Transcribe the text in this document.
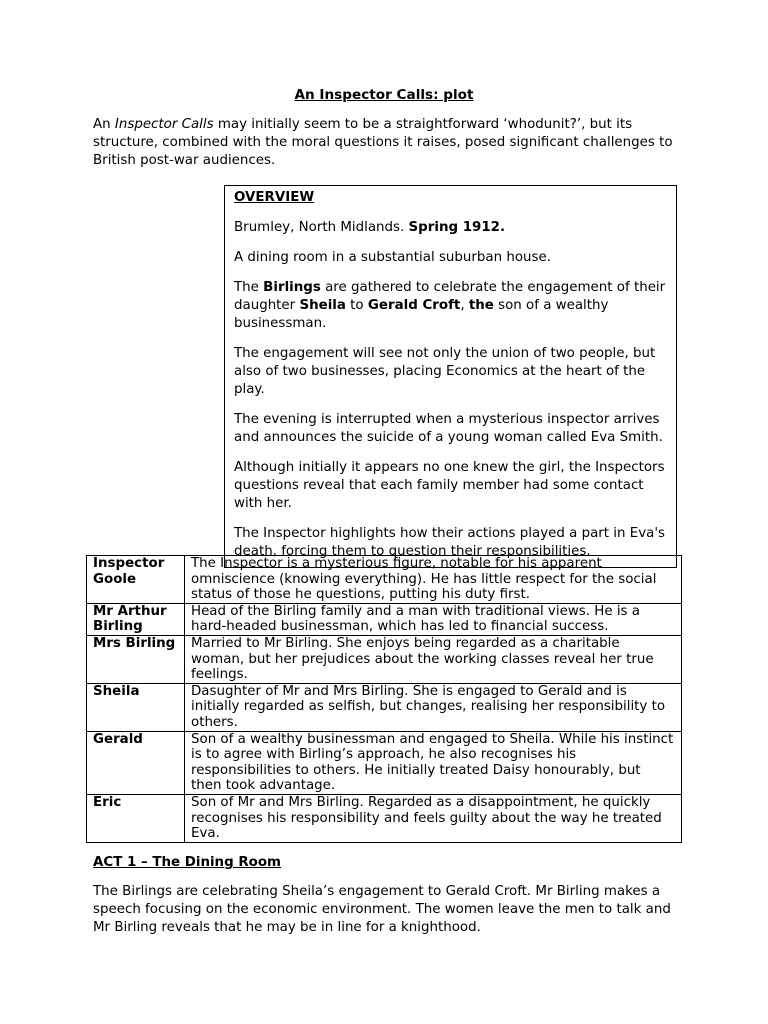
An Inspector Calls: plot

An Inspector Calls may initially seem to be a straightforward ‘whodunit?’, but its structure, combined with the moral questions it raises, posed significant challenges to British post-war audiences.

OVERVIEW

Brumley, North Midlands. Spring 1912.

A dining room in a substantial suburban house.

The Birlings are gathered to celebrate the engagement of their daughter Sheila to Gerald Croft, the son of a wealthy businessman.

The engagement will see not only the union of two people, but also of two businesses, placing Economics at the heart of the play.

The evening is interrupted when a mysterious inspector arrives and announces the suicide of a young woman called Eva Smith.

Although initially it appears no one knew the girl, the Inspectors questions reveal that each family member had some contact with her.

The Inspector highlights how their actions played a part in Eva's death, forcing them to question their responsibilities.

Inspector Goole	The Inspector is a mysterious figure, notable for his apparent omniscience (knowing everything). He has little respect for the social status of those he questions, putting his duty first.
Mr Arthur Birling	Head of the Birling family and a man with traditional views. He is a hard-headed businessman, which has led to financial success.
Mrs Birling	Married to Mr Birling. She enjoys being regarded as a charitable woman, but her prejudices about the working classes reveal her true feelings.
Sheila	Dasughter of Mr and Mrs Birling. She is engaged to Gerald and is initially regarded as selfish, but changes, realising her responsibility to others.
Gerald	Son of a wealthy businessman and engaged to Sheila. While his instinct is to agree with Birling’s approach, he also recognises his responsibilities to others. He initially treated Daisy honourably, but then took advantage.
Eric	Son of Mr and Mrs Birling. Regarded as a disappointment, he quickly recognises his responsibility and feels guilty about the way he treated Eva.
ACT 1 – The Dining Room

The Birlings are celebrating Sheila’s engagement to Gerald Croft. Mr Birling makes a speech focusing on the economic environment. The women leave the men to talk and Mr Birling reveals that he may be in line for a knighthood.
